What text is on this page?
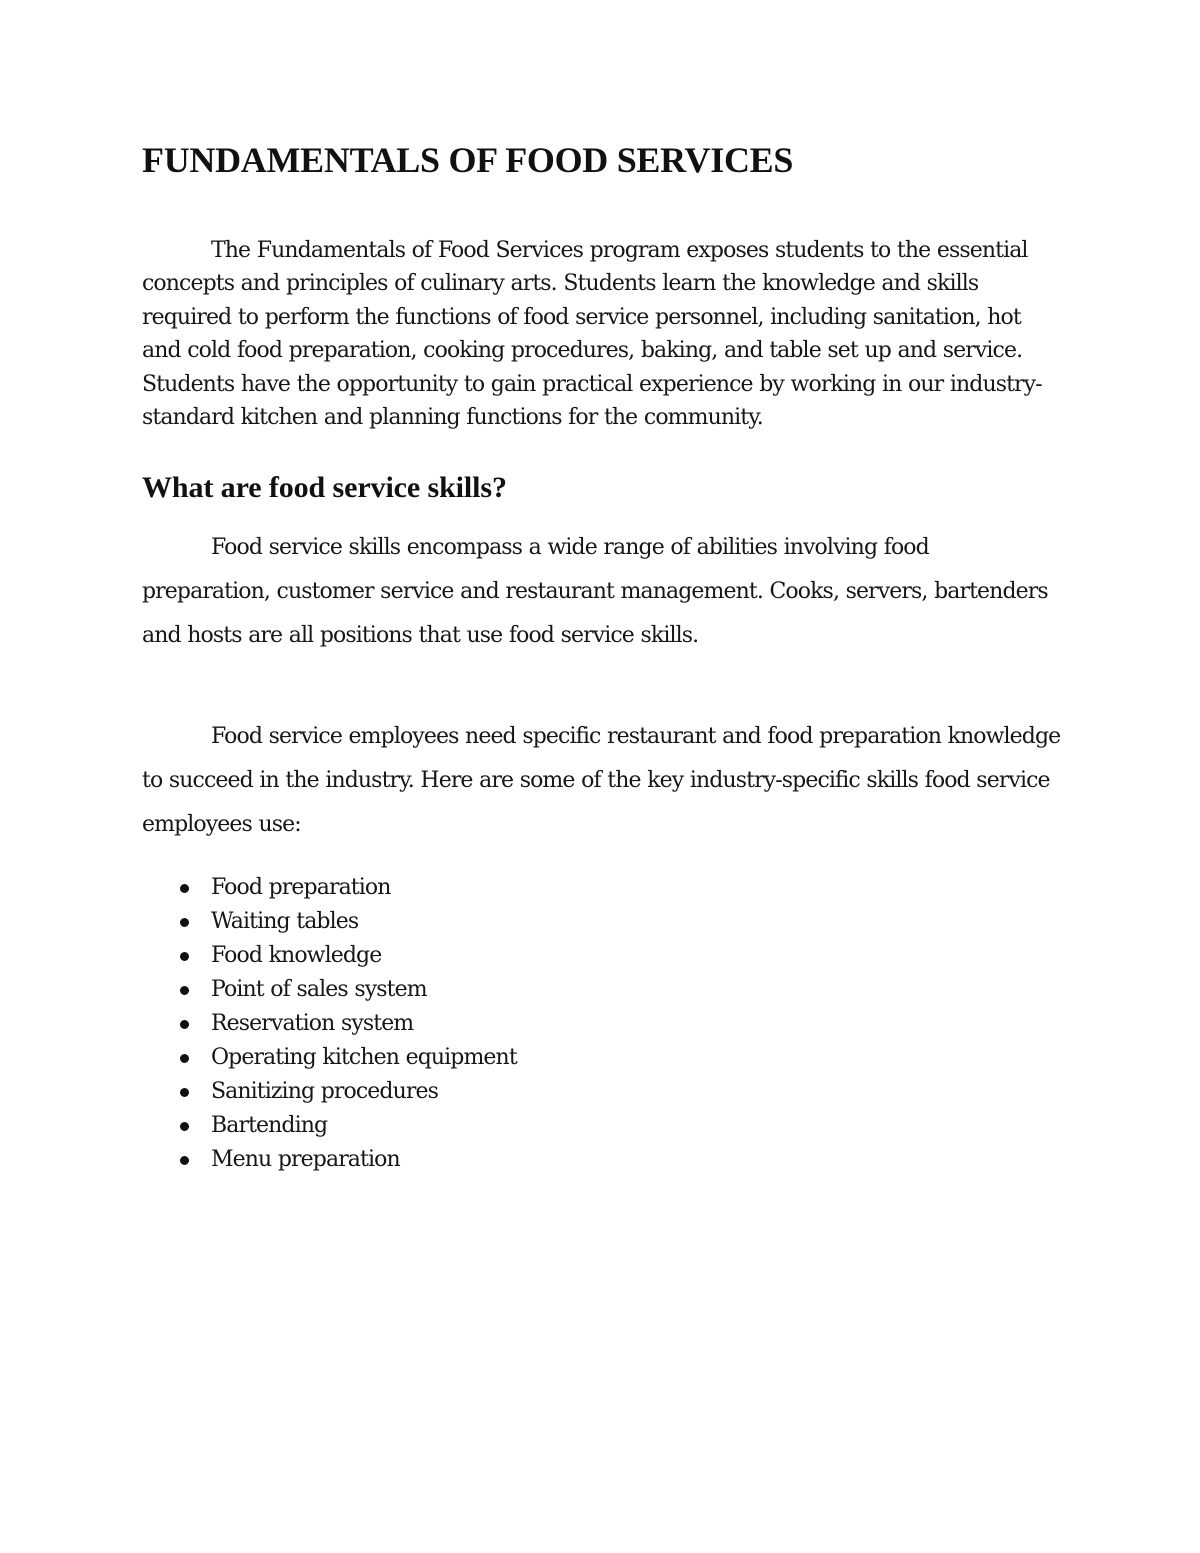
FUNDAMENTALS OF FOOD SERVICES

The Fundamentals of Food Services program exposes students to the essential concepts and principles of culinary arts. Students learn the knowledge and skills required to perform the functions of food service personnel, including sanitation, hot and cold food preparation, cooking procedures, baking, and table set up and service. Students have the opportunity to gain practical experience by working in our industry-standard kitchen and planning functions for the community.

What are food service skills?

Food service skills encompass a wide range of abilities involving food preparation, customer service and restaurant management. Cooks, servers, bartenders and hosts are all positions that use food service skills.

Food service employees need specific restaurant and food preparation knowledge to succeed in the industry. Here are some of the key industry-specific skills food service employees use:

Food preparation
Waiting tables
Food knowledge
Point of sales system
Reservation system
Operating kitchen equipment
Sanitizing procedures
Bartending
Menu preparation
